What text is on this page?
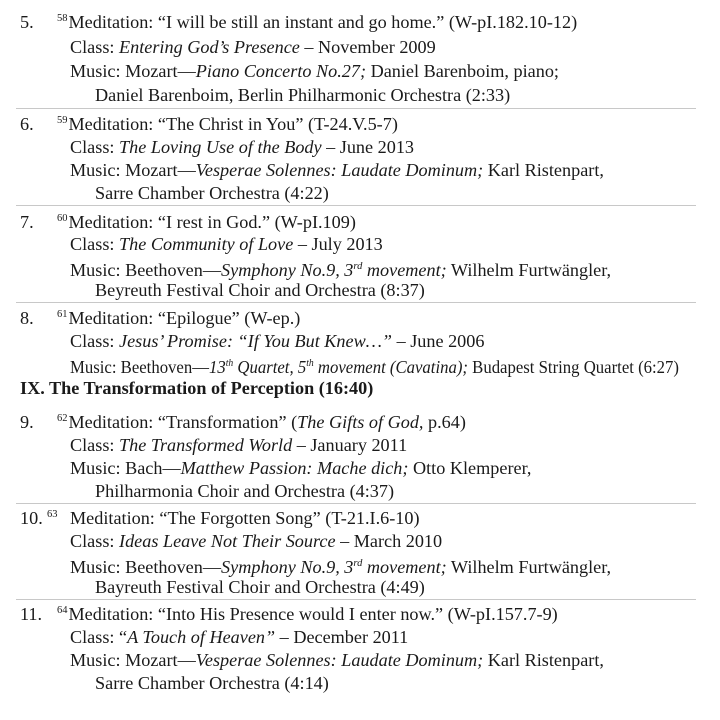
5. $^{58}$Meditation: “I will be still an instant and go home.” (W-pI.182.10-12)
Class: Entering God’s Presence – November 2009
Music: Mozart—Piano Concerto No.27; Daniel Barenboim, piano;
Daniel Barenboim, Berlin Philharmonic Orchestra (2:33)
6. $^{59}$Meditation: “The Christ in You” (T-24.V.5-7)
Class: The Loving Use of the Body – June 2013
Music: Mozart—Vesperae Solennes: Laudate Dominum; Karl Ristenpart,
Sarre Chamber Orchestra (4:22)
7. $^{60}$Meditation: “I rest in God.” (W-pI.109)
Class: The Community of Love – July 2013
Music: Beethoven—Symphony No.9, 3rd movement; Wilhelm Furtwängler,
Beyreuth Festival Choir and Orchestra (8:37)
8. $^{61}$Meditation: “Epilogue” (W-ep.)
Class: Jesus’ Promise: “If You But Knew…” – June 2006
Music: Beethoven—13th Quartet, 5th movement (Cavatina); Budapest String Quartet (6:27)
IX. The Transformation of Perception (16:40)
9. $^{62}$Meditation: “Transformation” (The Gifts of God, p.64)
Class: The Transformed World – January 2011
Music: Bach—Matthew Passion: Mache dich; Otto Klemperer,
Philharmonia Choir and Orchestra (4:37)
10. $^{63}$ Meditation: “The Forgotten Song” (T-21.I.6-10)
Class: Ideas Leave Not Their Source – March 2010
Music: Beethoven—Symphony No.9, 3rd movement; Wilhelm Furtwängler,
Bayreuth Festival Choir and Orchestra (4:49)
11. $^{64}$Meditation: “Into His Presence would I enter now.” (W-pI.157.7-9)
Class: “A Touch of Heaven” – December 2011
Music: Mozart—Vesperae Solennes: Laudate Dominum; Karl Ristenpart,
Sarre Chamber Orchestra (4:14)
